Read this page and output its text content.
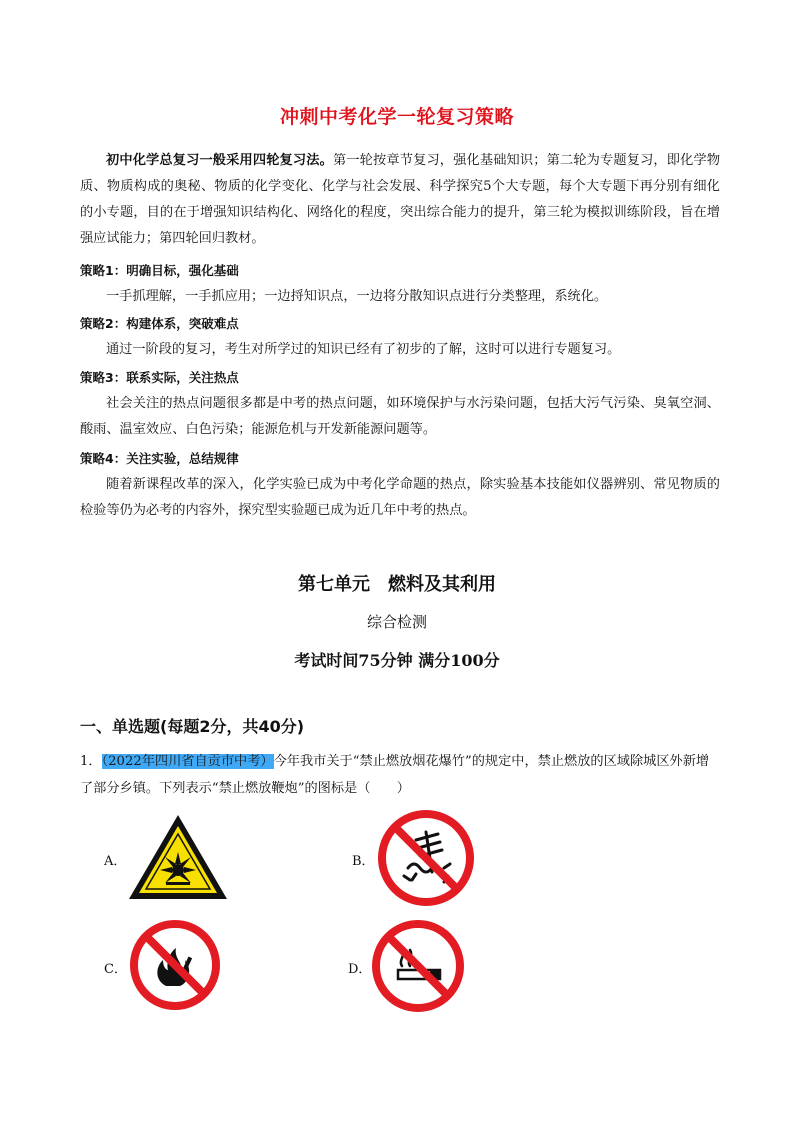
冲刺中考化学一轮复习策略
初中化学总复习一般采用四轮复习法。第一轮按章节复习，强化基础知识；第二轮为专题复习，即化学物质、物质构成的奥秘、物质的化学变化、化学与社会发展、科学探究5个大专题，每个大专题下再分别有细化的小专题，目的在于增强知识结构化、网络化的程度，突出综合能力的提升，第三轮为模拟训练阶段，旨在增强应试能力；第四轮回归教材。
策略1：明确目标，强化基础
一手抓理解，一手抓应用；一边捋知识点，一边将分散知识点进行分类整理，系统化。
策略2：构建体系，突破难点
通过一阶段的复习，考生对所学过的知识已经有了初步的了解，这时可以进行专题复习。
策略3：联系实际，关注热点
社会关注的热点问题很多都是中考的热点问题，如环境保护与水污染问题，包括大污气污染、臭氧空洞、酸雨、温室效应、白色污染；能源危机与开发新能源问题等。
策略4：关注实验，总结规律
随着新课程改革的深入，化学实验已成为中考化学命题的热点，除实验基本技能如仪器辨别、常见物质的检验等仍为必考的内容外，探究型实验题已成为近几年中考的热点。
第七单元　燃料及其利用
综合检测
考试时间75分钟 满分100分
一、单选题(每题2分，共40分)
1．（2022年四川省自贡市中考）今年我市关于“禁止燃放烟花爆竹”的规定中，禁止燃放的区域除城区外新增了部分乡镇。下列表示“禁止燃放鞭炮”的图标是（　　）
A．	B．
C．	D．
